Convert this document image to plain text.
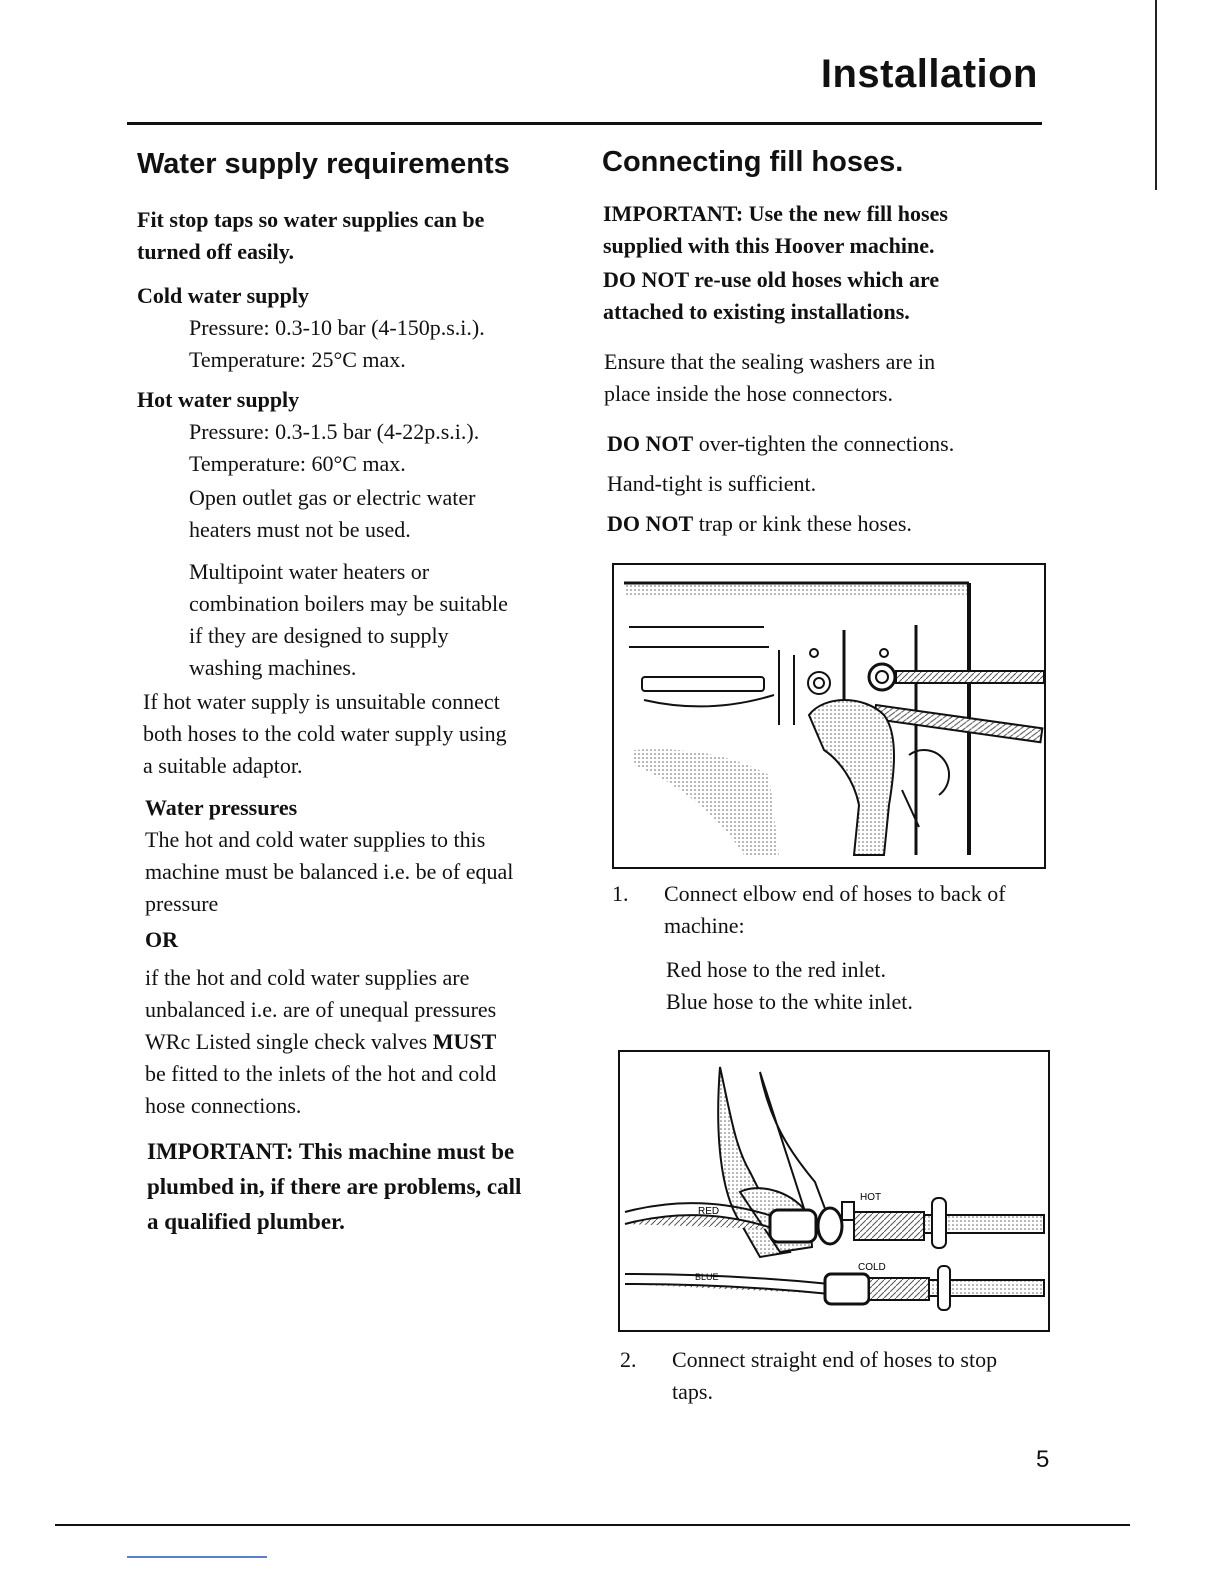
Installation
Water supply requirements

Fit stop taps so water supplies can be

turned off easily.

Cold water supply

Pressure: 0.3-10 bar (4-150p.s.i.).

Temperature: 25°C max.

Hot water supply

Pressure: 0.3-1.5 bar (4-22p.s.i.).

Temperature: 60°C max.

Open outlet gas or electric water

heaters must not be used.

Multipoint water heaters or

combination boilers may be suitable

if they are designed to supply

washing machines.

If hot water supply is unsuitable connect

both hoses to the cold water supply using

a suitable adaptor.

Water pressures

The hot and cold water supplies to this

machine must be balanced i.e. be of equal

pressure

OR

if the hot and cold water supplies are

unbalanced i.e. are of unequal pressures

WRc Listed single check valves MUST

be fitted to the inlets of the hot and cold

hose connections.

IMPORTANT: This machine must be

plumbed in, if there are problems, call

a qualified plumber.

Connecting fill hoses.

IMPORTANT: Use the new fill hoses

supplied with this Hoover machine.

DO NOT re-use old hoses which are

attached to existing installations.

Ensure that the sealing washers are in

place inside the hose connectors.

DO NOT over-tighten the connections.

Hand-tight is sufficient.

DO NOT trap or kink these hoses.

1. Connect elbow end of hoses to back of machine:

Red hose to the red inlet.

Blue hose to the white inlet.

RED
HOT
BLUE
COLD
2. Connect straight end of hoses to stop taps.
5
